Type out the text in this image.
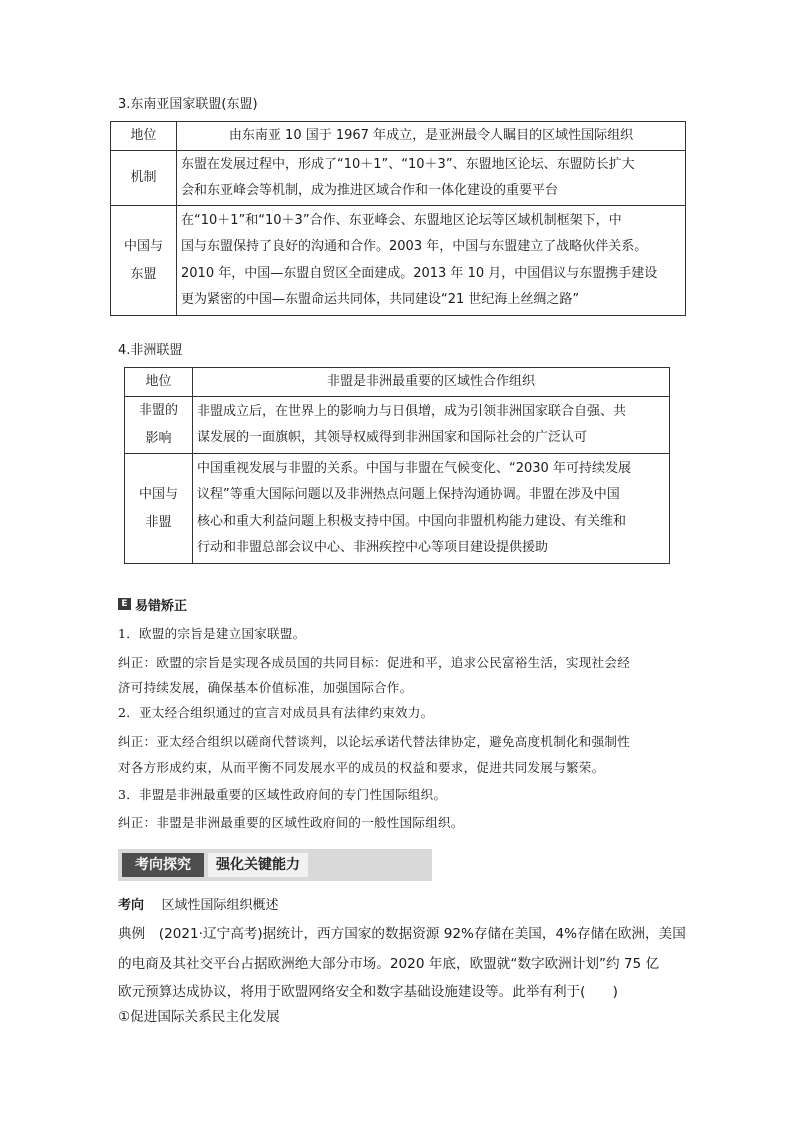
3.东南亚国家联盟(东盟)
地位	由东南亚 10 国于 1967 年成立，是亚洲最令人瞩目的区域性国际组织

机制	东盟在发展过程中，形成了“10＋1”、“10＋3”、东盟地区论坛、东盟防长扩大
会和东亚峰会等机制，成为推进区域合作和一体化建设的重要平台

中国与
东盟	在“10＋1”和“10＋3”合作、东亚峰会、东盟地区论坛等区域机制框架下，中
国与东盟保持了良好的沟通和合作。2003 年，中国与东盟建立了战略伙伴关系。
2010 年，中国—东盟自贸区全面建成。2013 年 10 月，中国倡议与东盟携手建设
更为紧密的中国—东盟命运共同体，共同建设“21 世纪海上丝绸之路”
4.非洲联盟
地位	非盟是非洲最重要的区域性合作组织

非盟的
影响	非盟成立后，在世界上的影响力与日俱增，成为引领非洲国家联合自强、共
谋发展的一面旗帜，其领导权威得到非洲国家和国际社会的广泛认可

中国与
非盟	中国重视发展与非盟的关系。中国与非盟在气候变化、“2030 年可持续发展
议程”等重大国际问题以及非洲热点问题上保持沟通协调。非盟在涉及中国
核心和重大利益问题上积极支持中国。中国向非盟机构能力建设、有关维和
行动和非盟总部会议中心、非洲疾控中心等项目建设提供援助
E 易错矫正
1．欧盟的宗旨是建立国家联盟。
纠正：欧盟的宗旨是实现各成员国的共同目标：促进和平，追求公民富裕生活，实现社会经
济可持续发展，确保基本价值标准，加强国际合作。
2．亚太经合组织通过的宣言对成员具有法律约束效力。
纠正：亚太经合组织以磋商代替谈判，以论坛承诺代替法律协定，避免高度机制化和强制性
对各方形成约束，从而平衡不同发展水平的成员的权益和要求，促进共同发展与繁荣。
3．非盟是非洲最重要的区域性政府间的专门性国际组织。
纠正：非盟是非洲最重要的区域性政府间的一般性国际组织。
考向探究	强化关键能力
考向　 区域性国际组织概述
典例　(2021·辽宁高考)据统计，西方国家的数据资源 92%存储在美国，4%存储在欧洲，美国
的电商及其社交平台占据欧洲绝大部分市场。2020 年底，欧盟就“数字欧洲计划”约 75 亿
欧元预算达成协议，将用于欧盟网络安全和数字基础设施建设等。此举有利于(　　)
①促进国际关系民主化发展
